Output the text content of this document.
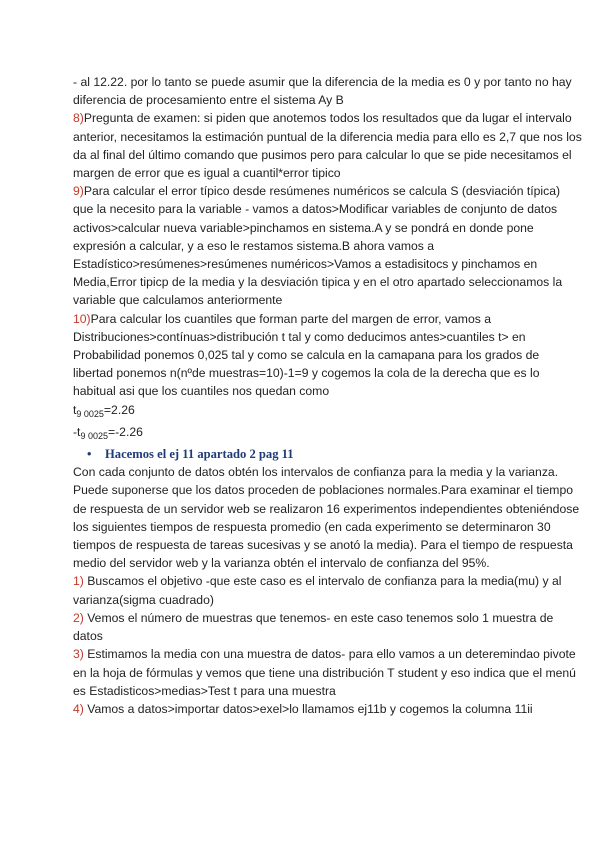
- al 12.22. por lo tanto se puede asumir que la diferencia de la media es 0 y por tanto no hay diferencia de procesamiento entre el sistema Ay B

8)Pregunta de examen: si piden que anotemos todos los resultados que da lugar el intervalo anterior, necesitamos la estimación puntual de la diferencia media para ello es 2,7 que nos los da al final del último comando que pusimos pero para calcular lo que se pide necesitamos el margen de error que es igual a cuantil*error tipico

9)Para calcular el error típico desde resúmenes numéricos se calcula S (desviación típica) que la necesito para la variable - vamos a datos>Modificar variables de conjunto de datos activos>calcular nueva variable>pinchamos en sistema.A y se pondrá en donde pone expresión a calcular, y a eso le restamos sistema.B ahora vamos a Estadístico>resúmenes>resúmenes numéricos>Vamos a estadisitocs y pinchamos en Media,Error tipicp de la media y la desviación tipica y en el otro apartado seleccionamos la variable que calculamos anteriormente

10)Para calcular los cuantiles que forman parte del margen de error, vamos a Distribuciones>contínuas>distribución t tal y como deducimos antes>cuantiles t> en Probabilidad ponemos 0,025 tal y como se calcula en la camapana para los grados de libertad ponemos n(nºde muestras=10)-1=9 y cogemos la cola de la derecha que es lo habitual asi que los cuantiles nos quedan como

$t_{9 0025}=2.26$

$-t_{9 0025}=-2.26$

• Hacemos el ej 11 apartado 2 pag 11

Con cada conjunto de datos obtén los intervalos de confianza para la media y la varianza. Puede suponerse que los datos proceden de poblaciones normales.Para examinar el tiempo de respuesta de un servidor web se realizaron 16 experimentos independientes obteniéndose los siguientes tiempos de respuesta promedio (en cada experimento se determinaron 30 tiempos de respuesta de tareas sucesivas y se anotó la media). Para el tiempo de respuesta medio del servidor web y la varianza obtén el intervalo de confianza del 95%.

1) Buscamos el objetivo -que este caso es el intervalo de confianza para la media(mu) y al varianza(sigma cuadrado)

2) Vemos el número de muestras que tenemos- en este caso tenemos solo 1 muestra de datos

3) Estimamos la media con una muestra de datos- para ello vamos a un deteremindao pivote en la hoja de fórmulas y vemos que tiene una distribución T student y eso indica que el menú es Estadisticos>medias>Test t para una muestra

4) Vamos a datos>importar datos>exel>lo llamamos ej11b y cogemos la columna 11ii
